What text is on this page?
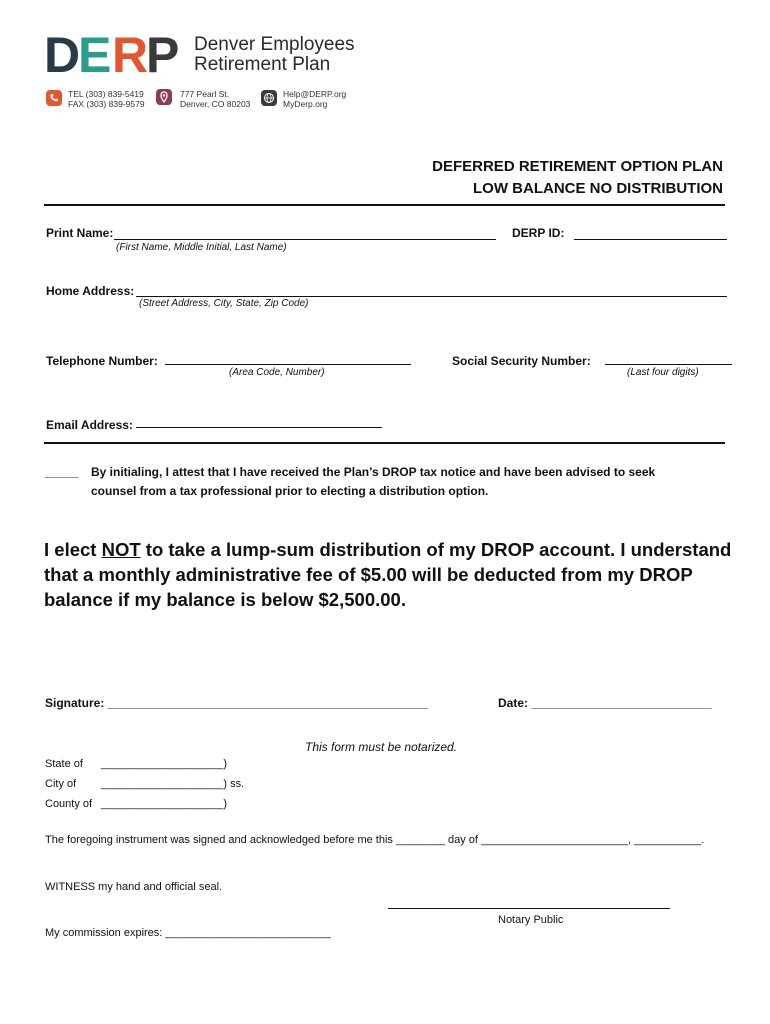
D
E R
P Denver Employees
Retirement Plan
TEL (303) 839-5419
FAX (303) 839-9579
777 Pearl St.
Denver, CO 80203
Help@DERP.org
MyDerp.org
DEFERRED RETIREMENT OPTION PLAN
LOW BALANCE NO DISTRIBUTION
Print Name:
(First Name, Middle Initial, Last Name)
DERP ID:
Home Address:
(Street Address, City, State, Zip Code)
Telephone Number:
(Area Code, Number)
Social Security Number:
(Last four digits)
Email Address:
_____ By initialing, I attest that I have received the Plan’s DROP tax notice and have been advised to seek
counsel from a tax professional prior to electing a distribution option.
I elect NOT to take a lump-sum distribution of my DROP account. I understand
that a monthly administrative fee of $5.00 will be deducted from my DROP
balance if my balance is below $2,500.00.
Signature: ________________________________________________	Date: ___________________________
This form must be notarized.
State of ____________________)
City of ____________________) ss.
County of ____________________)
The foregoing instrument was signed and acknowledged before me this ________ day of ________________________, ___________.
WITNESS my hand and official seal.
Notary Public
My commission expires: ___________________________
